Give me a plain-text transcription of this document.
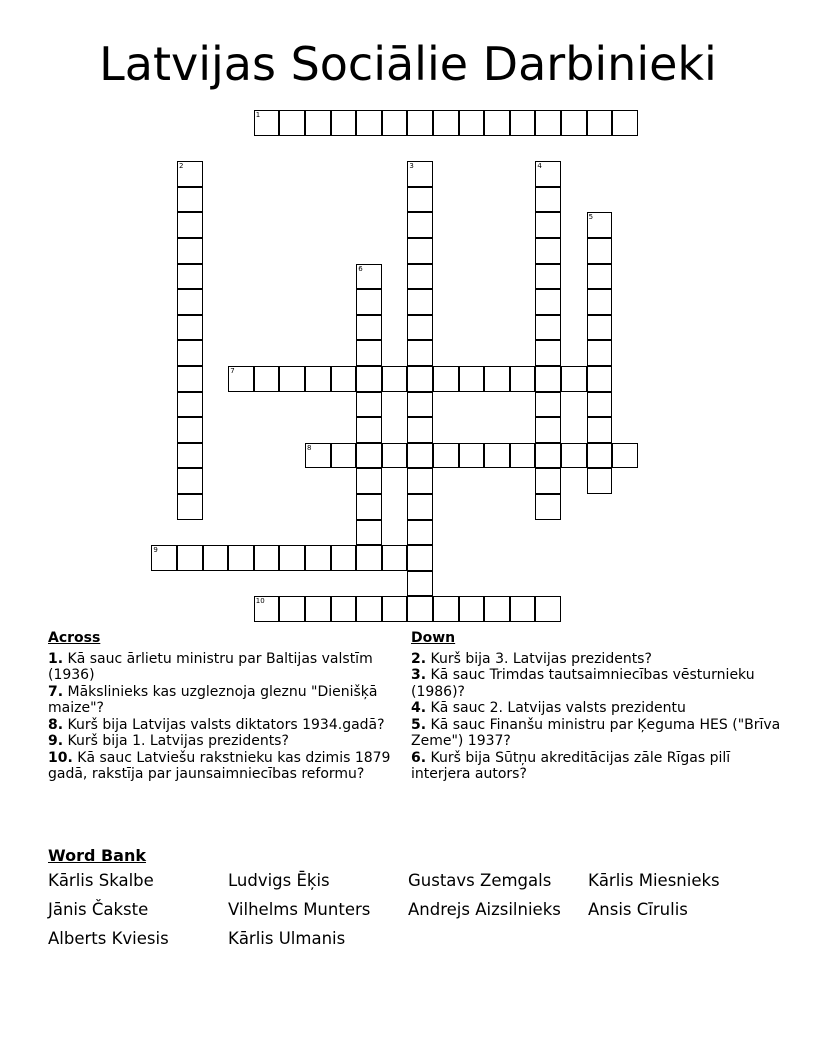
Latvijas Sociālie Darbinieki
1
2	3	4
5
6
7
8
9
10
Across
1. Kā sauc ārlietu ministru par Baltijas valstīm (1936)
7. Mākslinieks kas uzgleznoja gleznu "Dienišķā maize"?
8. Kurš bija Latvijas valsts diktators 1934.gadā?
9. Kurš bija 1. Latvijas prezidents?
10. Kā sauc Latviešu rakstnieku kas dzimis 1879 gadā, rakstīja par jaunsaimniecības reformu?
Down
2. Kurš bija 3. Latvijas prezidents?
3. Kā sauc Trimdas tautsaimniecības vēsturnieku (1986)?
4. Kā sauc 2. Latvijas valsts prezidentu
5. Kā sauc Finanšu ministru par Ķeguma HES ("Brīva Zeme") 1937?
6. Kurš bija Sūtņu akreditācijas zāle Rīgas pilī interjera autors?
Word Bank
Kārlis Skalbe	Ludvigs Ēķis	Gustavs Zemgals	Kārlis Miesnieks
Jānis Čakste	Vilhelms Munters	Andrejs Aizsilnieks	Ansis Cīrulis
Alberts Kviesis	Kārlis Ulmanis
